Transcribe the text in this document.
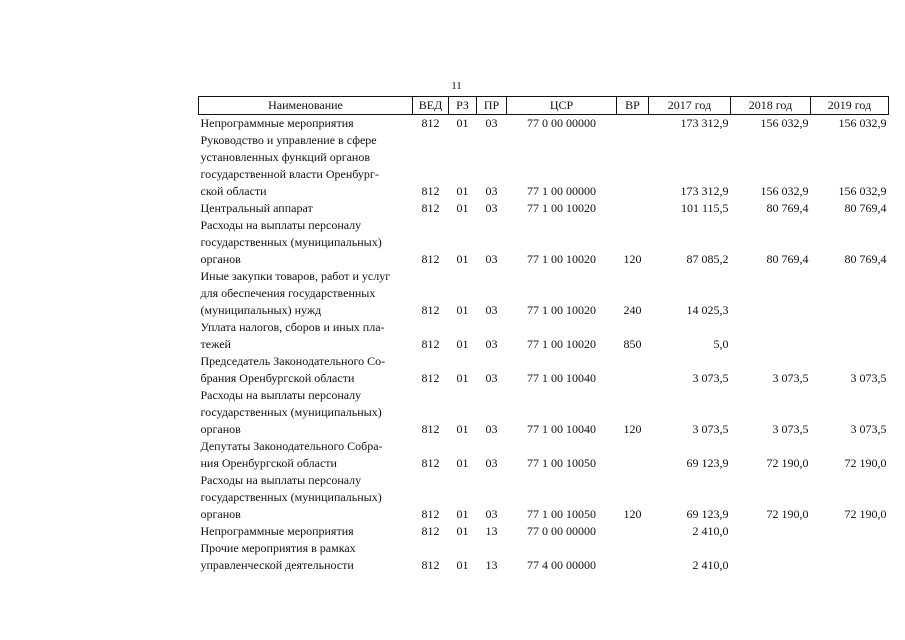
11
Наименование	ВЕД	РЗ	ПР	ЦСР	ВР	2017 год	2018 год	2019 год
Непрограммные мероприятия	812	01	03	77 0 00 00000		173 312,9	156 032,9	156 032,9
Руководство и управление в сфере
установленных функций органов
государственной власти Оренбург-
ской области	812	01	03	77 1 00 00000		173 312,9	156 032,9	156 032,9
Центральный аппарат	812	01	03	77 1 00 10020		101 115,5	80 769,4	80 769,4
Расходы на выплаты персоналу
государственных (муниципальных)
органов	812	01	03	77 1 00 10020	120	87 085,2	80 769,4	80 769,4
Иные закупки товаров, работ и услуг
для обеспечения государственных
(муниципальных) нужд	812	01	03	77 1 00 10020	240	14 025,3		
Уплата налогов, сборов и иных пла-
тежей	812	01	03	77 1 00 10020	850	5,0		
Председатель Законодательного Со-
брания Оренбургской области	812	01	03	77 1 00 10040		3 073,5	3 073,5	3 073,5
Расходы на выплаты персоналу
государственных (муниципальных)
органов	812	01	03	77 1 00 10040	120	3 073,5	3 073,5	3 073,5
Депутаты Законодательного Собра-
ния Оренбургской области	812	01	03	77 1 00 10050		69 123,9	72 190,0	72 190,0
Расходы на выплаты персоналу
государственных (муниципальных)
органов	812	01	03	77 1 00 10050	120	69 123,9	72 190,0	72 190,0
Непрограммные мероприятия	812	01	13	77 0 00 00000		2 410,0		
Прочие мероприятия в рамках
управленческой деятельности	812	01	13	77 4 00 00000		2 410,0		
